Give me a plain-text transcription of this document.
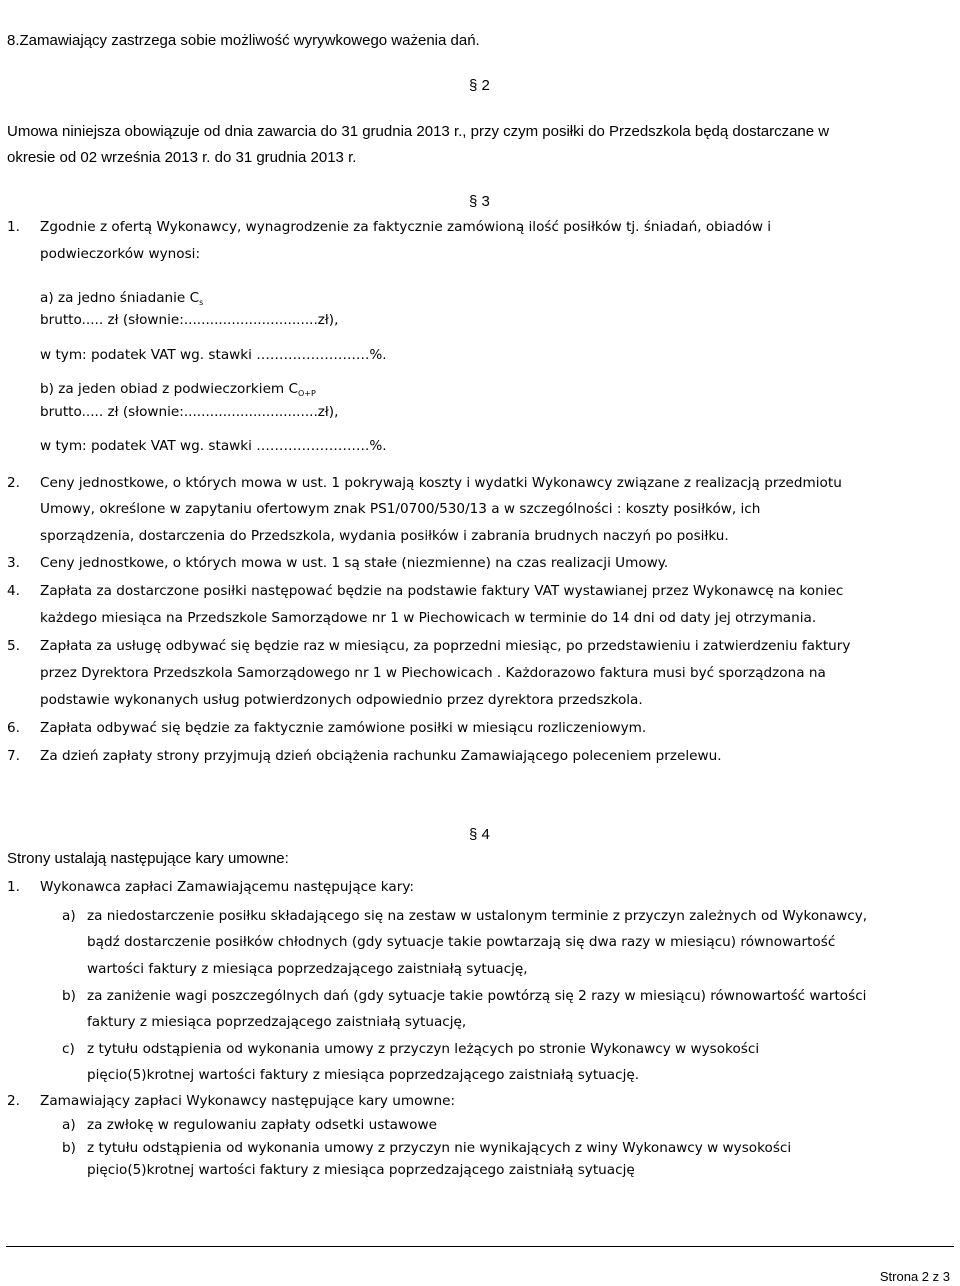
8.Zamawiający zastrzega sobie możliwość wyrywkowego ważenia dań.

§ 2

Umowa niniejsza obowiązuje od dnia zawarcia do 31 grudnia 2013 r., przy czym posiłki do Przedszkola będą dostarczane w

okresie od 02 września 2013 r. do 31 grudnia 2013 r.

§ 3

1. Zgodnie z ofertą Wykonawcy, wynagrodzenie za faktycznie zamówioną ilość posiłków tj. śniadań, obiadów i

podwieczorków wynosi:

a) za jedno śniadanie $C_s$

brutto..... zł (słownie:...............................zł),

w tym: podatek VAT wg. stawki …………………….%.

b) za jeden obiad z podwieczorkiem $C_{O+P}$

brutto..... zł (słownie:...............................zł),

w tym: podatek VAT wg. stawki …………………….%.

2. Ceny jednostkowe, o których mowa w ust. 1 pokrywają koszty i wydatki Wykonawcy związane z realizacją przedmiotu

Umowy, określone w zapytaniu ofertowym znak PS1/0700/530/13 a w szczególności : koszty posiłków, ich

sporządzenia, dostarczenia do Przedszkola, wydania posiłków i zabrania brudnych naczyń po posiłku.

3. Ceny jednostkowe, o których mowa w ust. 1 są stałe (niezmienne) na czas realizacji Umowy.

4. Zapłata za dostarczone posiłki następować będzie na podstawie faktury VAT wystawianej przez Wykonawcę na koniec

każdego miesiąca na Przedszkole Samorządowe nr 1 w Piechowicach w terminie do 14 dni od daty jej otrzymania.

5. Zapłata za usługę odbywać się będzie raz w miesiącu, za poprzedni miesiąc, po przedstawieniu i zatwierdzeniu faktury

przez Dyrektora Przedszkola Samorządowego nr 1 w Piechowicach . Każdorazowo faktura musi być sporządzona na

podstawie wykonanych usług potwierdzonych odpowiednio przez dyrektora przedszkola.

6. Zapłata odbywać się będzie za faktycznie zamówione posiłki w miesiącu rozliczeniowym.

7. Za dzień zapłaty strony przyjmują dzień obciążenia rachunku Zamawiającego poleceniem przelewu.

§ 4

Strony ustalają następujące kary umowne:

1. Wykonawca zapłaci Zamawiającemu następujące kary:

a) za niedostarczenie posiłku składającego się na zestaw w ustalonym terminie z przyczyn zależnych od Wykonawcy,

bądź dostarczenie posiłków chłodnych (gdy sytuacje takie powtarzają się dwa razy w miesiącu) równowartość

wartości faktury z miesiąca poprzedzającego zaistniałą sytuację,

b) za zaniżenie wagi poszczególnych dań (gdy sytuacje takie powtórzą się 2 razy w miesiącu) równowartość wartości

faktury z miesiąca poprzedzającego zaistniałą sytuację,

c) z tytułu odstąpienia od wykonania umowy z przyczyn leżących po stronie Wykonawcy w wysokości

pięcio(5)krotnej wartości faktury z miesiąca poprzedzającego zaistniałą sytuację.

2. Zamawiający zapłaci Wykonawcy następujące kary umowne:

a) za zwłokę w regulowaniu zapłaty odsetki ustawowe

b) z tytułu odstąpienia od wykonania umowy z przyczyn nie wynikających z winy Wykonawcy w wysokości

pięcio(5)krotnej wartości faktury z miesiąca poprzedzającego zaistniałą sytuację

Strona 2 z 3
